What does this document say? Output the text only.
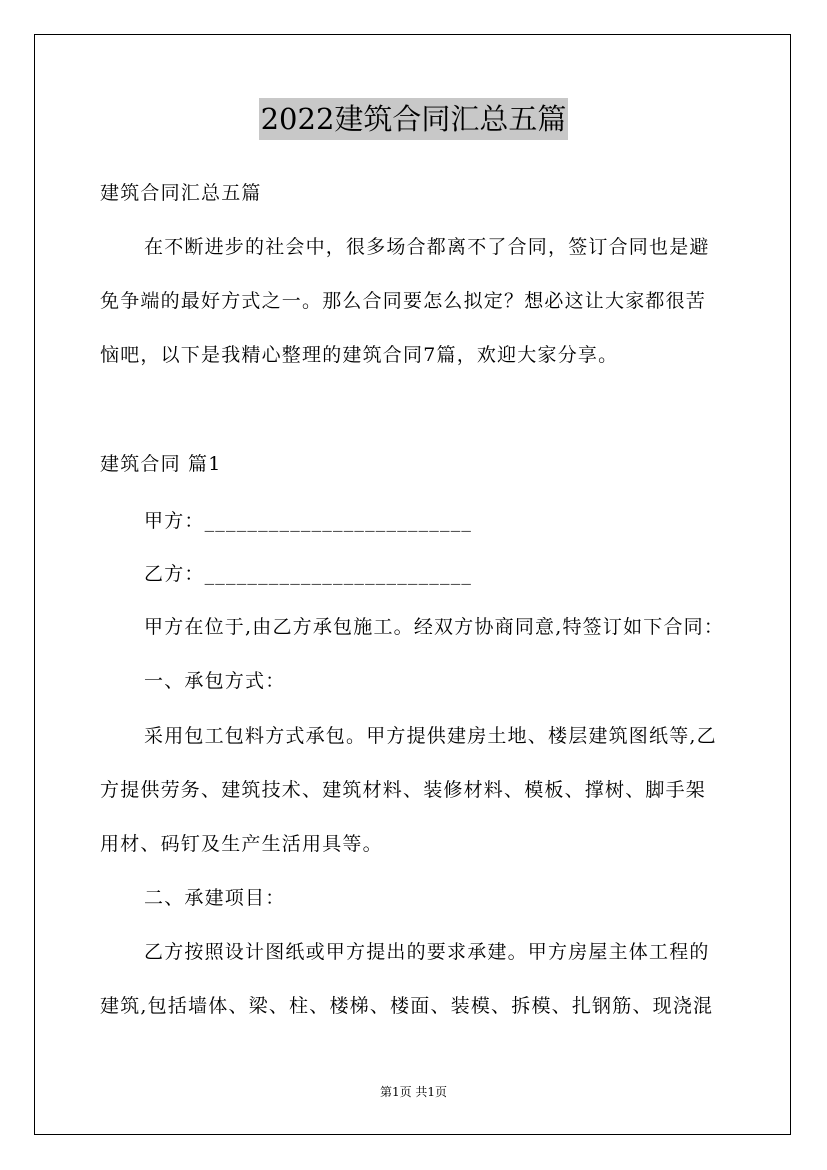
2022建筑合同汇总五篇
建筑合同汇总五篇
在不断进步的社会中，很多场合都离不了合同，签订合同也是避
免争端的最好方式之一。那么合同要怎么拟定？想必这让大家都很苦
恼吧，以下是我精心整理的建筑合同7篇，欢迎大家分享。
建筑合同 篇1
甲方：_________________________
乙方：_________________________
甲方在位于,由乙方承包施工。经双方协商同意,特签订如下合同：
一、承包方式：
采用包工包料方式承包。甲方提供建房土地、楼层建筑图纸等,乙
方提供劳务、建筑技术、建筑材料、装修材料、模板、撑树、脚手架
用材、码钉及生产生活用具等。
二、承建项目：
乙方按照设计图纸或甲方提出的要求承建。甲方房屋主体工程的
建筑,包括墙体、梁、柱、楼梯、楼面、装模、拆模、扎钢筋、现浇混
第1页 共1页
